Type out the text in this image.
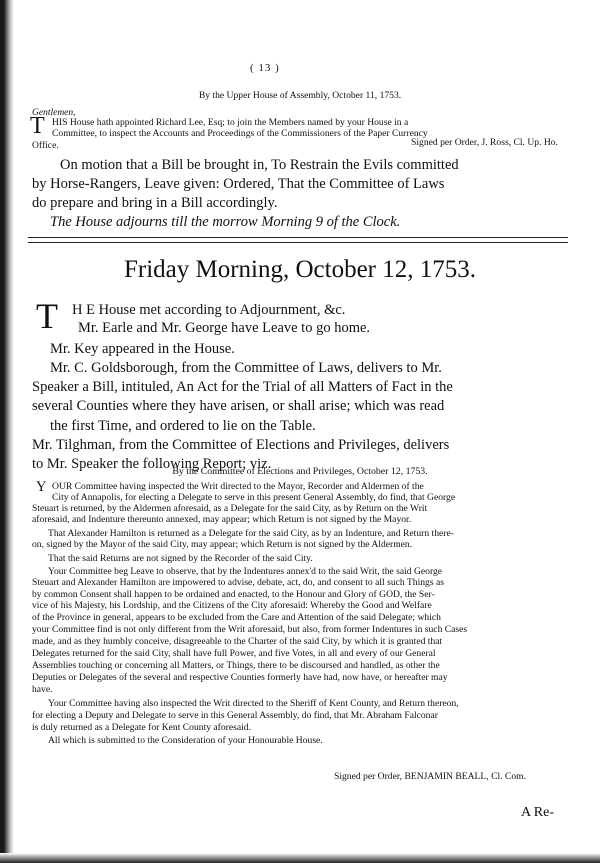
( 13 )
By the Upper House of Assembly, October 11, 1753.
Gentlemen,
T HIS House hath appointed Richard Lee, Esq; to join the Members named by your House in a
Committee, to inspect the Accounts and Proceedings of the Commissioners of the Paper Currency
Office.	Signed per Order, J. Ross, Cl. Up. Ho.
On motion that a Bill be brought in, To Restrain the Evils committed
by Horse-Rangers, Leave given: Ordered, That the Committee of Laws
do prepare and bring in a Bill accordingly.
The House adjourns till the morrow Morning 9 of the Clock.
Friday Morning, October 12, 1753.
T H E House met according to Adjournment, &c.
Mr. Earle and Mr. George have Leave to go home.
Mr. Key appeared in the House.
Mr. C. Goldsborough, from the Committee of Laws, delivers to Mr.
Speaker a Bill, intituled, An Act for the Trial of all Matters of Fact in the
several Counties where they have arisen, or shall arise; which was read
the first Time, and ordered to lie on the Table.
Mr. Tilghman, from the Committee of Elections and Privileges, delivers
to Mr. Speaker the following Report; viz.
By the Committee of Elections and Privileges, October 12, 1753.
Y OUR Committee having inspected the Writ directed to the Mayor, Recorder and Aldermen of the
City of Annapolis, for electing a Delegate to serve in this present General Assembly, do find, that George
Steuart is returned, by the Aldermen aforesaid, as a Delegate for the said City, as by Return on the Writ
aforesaid, and Indenture thereunto annexed, may appear; which Return is not signed by the Mayor.
That Alexander Hamilton is returned as a Delegate for the said City, as by an Indenture, and Return there-
on, signed by the Mayor of the said City, may appear; which Return is not signed by the Aldermen.
That the said Returns are not signed by the Recorder of the said City.
Your Committee beg Leave to observe, that by the Indentures annex'd to the said Writ, the said George
Steuart and Alexander Hamilton are impowered to advise, debate, act, do, and consent to all such Things as
by common Consent shall happen to be ordained and enacted, to the Honour and Glory of GOD, the Ser-
vice of his Majesty, his Lordship, and the Citizens of the City aforesaid: Whereby the Good and Welfare
of the Province in general, appears to be excluded from the Care and Attention of the said Delegate; which
your Committee find is not only different from the Writ aforesaid, but also, from former Indentures in such Cases
made, and as they humbly conceive, disagreeable to the Charter of the said City, by which it is granted that
Delegates returned for the said City, shall have full Power, and five Votes, in all and every of our General
Assemblies touching or concerning all Matters, or Things, there to be discoursed and handled, as other the
Deputies or Delegates of the several and respective Counties formerly have had, now have, or hereafter may
have.
Your Committee having also inspected the Writ directed to the Sheriff of Kent County, and Return thereon,
for electing a Deputy and Delegate to serve in this General Assembly, do find, that Mr. Abraham Falconar
is duly returned as a Delegate for Kent County aforesaid.
All which is submitted to the Consideration of your Honourable House.
Signed per Order, BENJAMIN BEALL, Cl. Com.
A Re-
